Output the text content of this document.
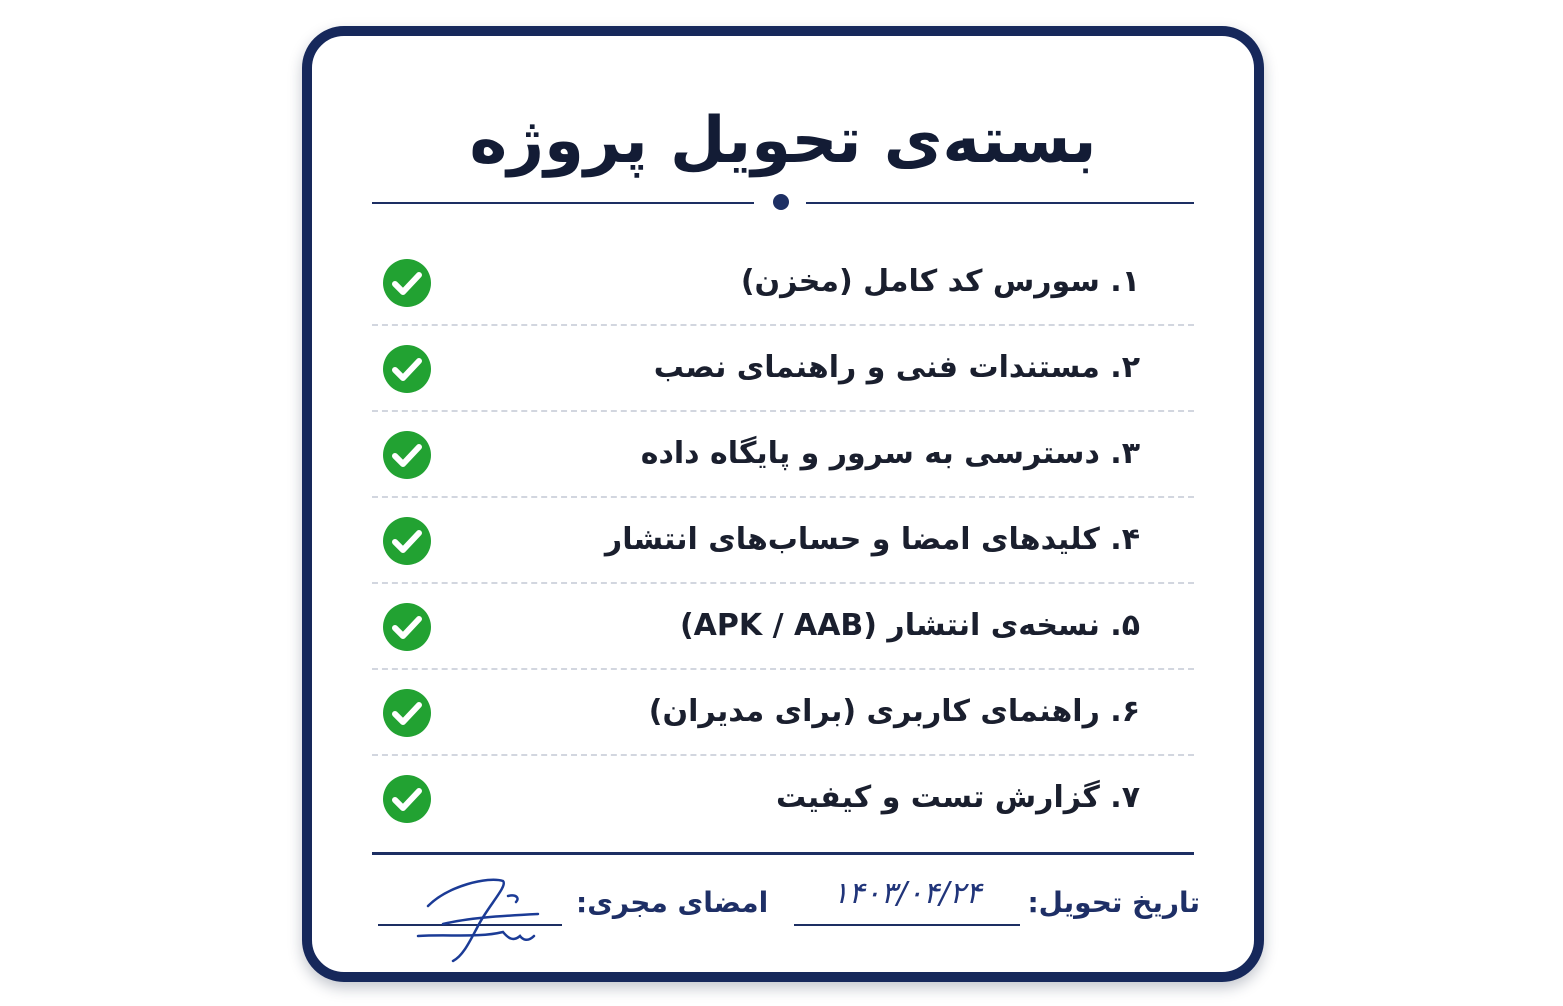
بسته‌ی تحویل پروژه
۱. سورس کد کامل (مخزن)
۲. مستندات فنی و راهنمای نصب
۳. دسترسی به سرور و پایگاه داده
۴. کلیدهای امضا و حساب‌های انتشار
۵. نسخه‌ی انتشار (APK / AAB)
۶. راهنمای کاربری (برای مدیران)
۷. گزارش تست و کیفیت
تاریخ تحویل:
۱۴۰۳/۰۴/۲۴
امضای مجری:
